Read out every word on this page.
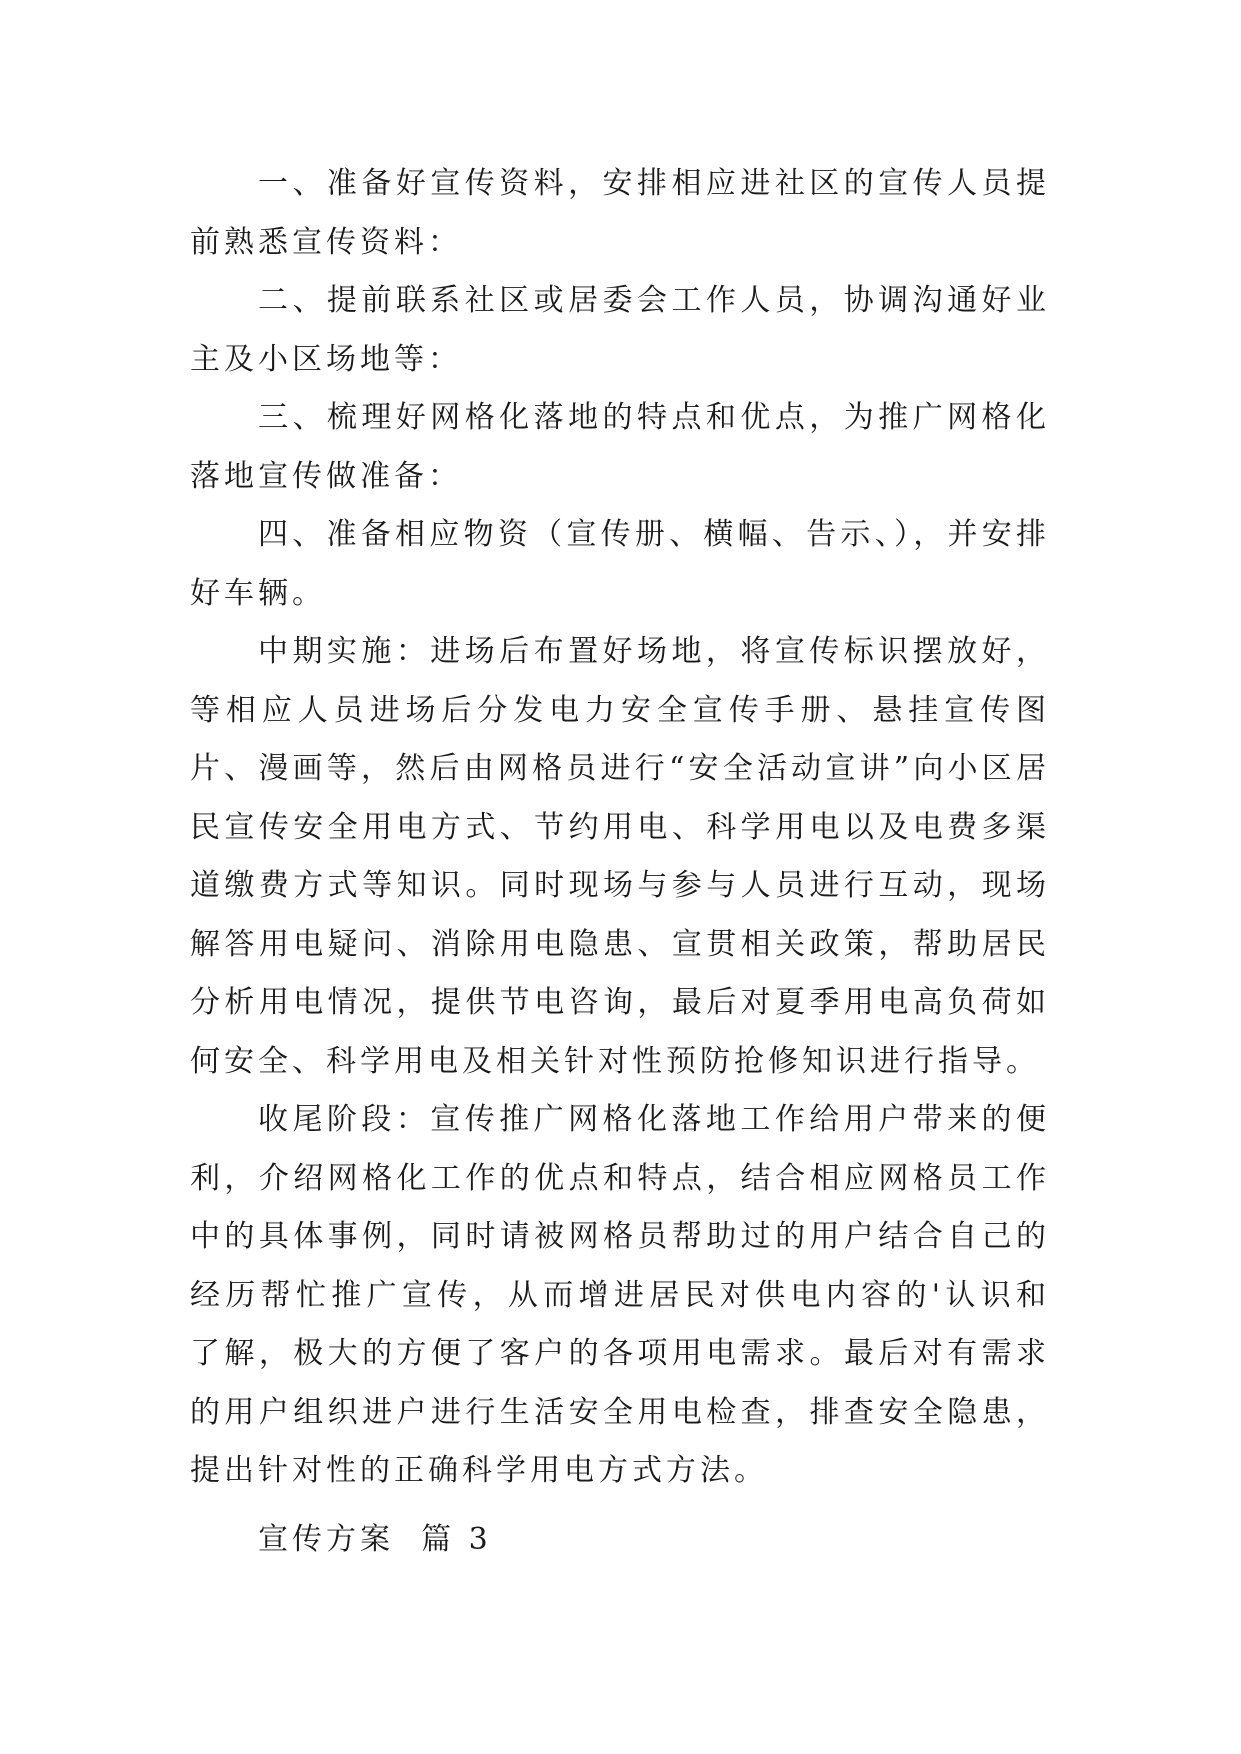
一、准备好宣传资料，安排相应进社区的宣传人员提前熟悉宣传资料：

二、提前联系社区或居委会工作人员，协调沟通好业主及小区场地等：

三、梳理好网格化落地的特点和优点，为推广网格化落地宣传做准备：

四、准备相应物资（宣传册、横幅、告示、），并安排好车辆。

中期实施：进场后布置好场地，将宣传标识摆放好，等相应人员进场后分发电力安全宣传手册、悬挂宣传图片、漫画等，然后由网格员进行“安全活动宣讲”向小区居民宣传安全用电方式、节约用电、科学用电以及电费多渠道缴费方式等知识。同时现场与参与人员进行互动，现场解答用电疑问、消除用电隐患、宣贯相关政策，帮助居民分析用电情况，提供节电咨询，最后对夏季用电高负荷如何安全、科学用电及相关针对性预防抢修知识进行指导。

收尾阶段：宣传推广网格化落地工作给用户带来的便利，介绍网格化工作的优点和特点，结合相应网格员工作中的具体事例，同时请被网格员帮助过的用户结合自己的经历帮忙推广宣传，从而增进居民对供电内容的'认识和了解，极大的方便了客户的各项用电需求。最后对有需求的用户组织进户进行生活安全用电检查，排查安全隐患，提出针对性的正确科学用电方式方法。

宣传方案  篇 3
